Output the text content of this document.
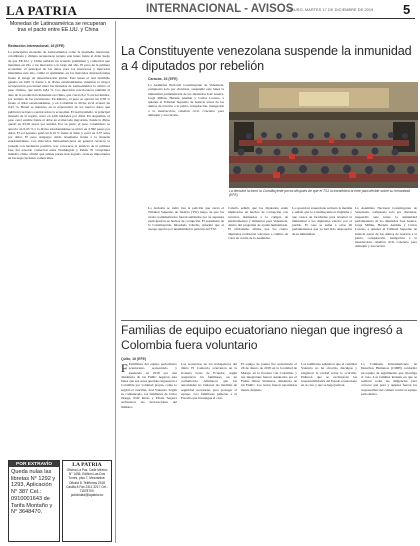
LA PATRIA	INTERNACIONAL - AVISOS
ORURO, MARTES 17 DE DICIEMBRE DE 2019 5
Monedas de Latinoamérica se recuperan tras el pacto entre EE.UU. y China
Redacción Internacional, 16 (EFE)
La principales monedas de Latinoamérica como la brasileña, mexicana, colombiana y chilena recuperaron terreno este lunes frente al dólar luego de que EE.UU. y China sellaran un acuerdo preliminar y comercial que mantiene en vilo a los mercados a lo largo del año. El peso de la primera economía, el principal de los datos para los inversores y mercados mundiales este año, calmó el optimismo en los mercados internacionales frente al riesgo de desaceleración global. Este lunes el real brasileño ganaba un 0,69 % frente a la divisa estadounidense, mientras la mayor recuperación porcentual entre las monedas de Latinoamérica la obtuvo el peso chileno, que subió 0,84 %. Los mercados reaccionaron también al dato de la producción industrial en China, que creció 6,2 % en noviembre, por encima de las previsiones. En México, el peso se apreció un 0,38 % frente al dólar estadounidense, y en Colombia la divisa local avanzó un 0,45 %. Brasil se mantuvo en la expectativa de los nuevos datos que publicará su banco central sobre la economía. El real brasileño, la principal moneda de la región, cerró en 4,06 unidades por dólar. En Argentina, el peso cerró estable frente al dólar en el mercado mayorista, donde la divisa quedó en 63,05 pesos por unidad. Por su parte, el peso colombiano se apreció un 0,45 % y la divisa estadounidense se ubicó en 3.390 pesos por dólar. El sol peruano ganó un 0,19 % frente al dólar y cerró en 3,37 soles por dólar. El peso uruguayo subió levemente frente a la moneda estadounidense. Los mercados latinoamericanos en general cerraron la jornada con tendencia positiva, tras conocerse el anuncio de la primera fase del acuerdo comercial entre Washington y Pekín. El viceprimer ministro chino afirmó que ambas partes han logrado avances importantes en las negociaciones comerciales.
La Constituyente venezolana suspende la inmunidad a 4 diputados por rebelión
Caracas, 16 (EFE)
La Asamblea Nacional Constituyente de Venezuela, compuesta solo por chavistas, suspendió este lunes la inmunidad parlamentaria de los diputados José Guerra, Jorge Millán, Hernán Alemán y Carlos Lozano, a quienes el Tribunal Supremo de Justicia acusa de los delitos de traición a la patria, conspiración, instigación a la insurrección, rebelión civil, concierto para delinquir y asociación.
La decisión se tomó tras la petición que cursó el Tribunal Supremo de Justicia (TSJ) luego de que los cuatro parlamentarios fueran señalados por su supuesta participación en hechos de corrupción. El presidente de la Constituyente, Diosdado Cabello, informó que el cuerpo aprobó por unanimidad la petición del TSJ.
Cabello señaló que los diputados están implicados en hechos de corrupción con recursos destinados a la compra de medicamentos y alimentos para Venezuela, dentro del programa de ayuda humanitaria. El oficialismo afirma que los cuatro diputados recibieron sobornos a cambio de votar en contra de la Asamblea.
La oposición venezolana rechazó la medida y señaló que la Constituyente es ilegítima y que carece de facultades para levantar la inmunidad a los diputados electos por el pueblo. El caso se suma a otros 26 parlamentarios que ya han sido despojados de su inmunidad.
La Asamblea Nacional Constituyente de Venezuela, compuesta solo por chavistas, suspendió este lunes la inmunidad parlamentaria de los diputados José Guerra, Jorge Millán, Hernán Alemán y Carlos Lozano, a quienes el Tribunal Supremo de Justicia acusa de los delitos de traición a la patria, conspiración, instigación a la insurrección, rebelión civil, concierto para delinquir y asociación.
La decisión la tomó la Constituyente pocos después de que el TSJ la transfiriera al ente para decidir sobre su inmunidad (EFE)
Familias de equipo ecuatoriano niegan que ingresó a Colombia fuera voluntario
Quito, 16 (EFE)
F Familiares del equipo periodístico ecuatoriano secuestrado y asesinado en 2018 por una disidencia de las FARC negaron este lunes que sus seres queridos ingresaran a Colombia por voluntad propia, como lo sugirió el canciller, José Valencia. Según su comunicado, los familiares de Javier Ortega, Paúl Rivas y Efraín Segarra rechazaron las declaraciones del ministro.
Los secuestros de los trabajadores del diario El Comercio ocurrieron en la frontera norte de Ecuador, según aseguraron los familiares, en un comunicado. Afirmaron que las autoridades no tomaron las medidas de seguridad necesarias para proteger al equipo. Los familiares pidieron a la Fiscalía que investigue el caso.
El equipo de prensa fue secuestrado el 26 de marzo de 2018 en la localidad de Mataje, en la frontera con Colombia, y sus integrantes fueron asesinados por el Frente Oliver Sinisterra, disidencia de las FARC. Los restos fueron repatriados meses después.
Los familiares señalaron que el canciller Valencia no ha ofrecido disculpas y exigieron la verdad sobre lo ocurrido. Pidieron que se esclarezcan las responsabilidades del Estado ecuatoriano en el caso y que se haga justicia.
La Comisión Interamericana de Derechos Humanos (CIDH) conformó un equipo de seguimiento que investiga el caso. Las familias insisten en que se realicen todas las diligencias para conocer qué pasó y quiénes fueron los responsables del crimen contra el equipo periodístico.
POR EXTRAVÍO
Queda nulas las libretas N° 1292 y 1293, Aplicación N° 387 Cel.: 0910001643 de Tarifa Montaño y N° 3648470.
LA PATRIA
Oficina La Paz. Calle México N° 1456, Edificio Las Dos Torres, piso 7, Mezzanine. Oficina 8. Teléfonos 2318 Casilla 8 Fax 2311 3217 Cel.: 71578700. publicidad@lapatria.bo
